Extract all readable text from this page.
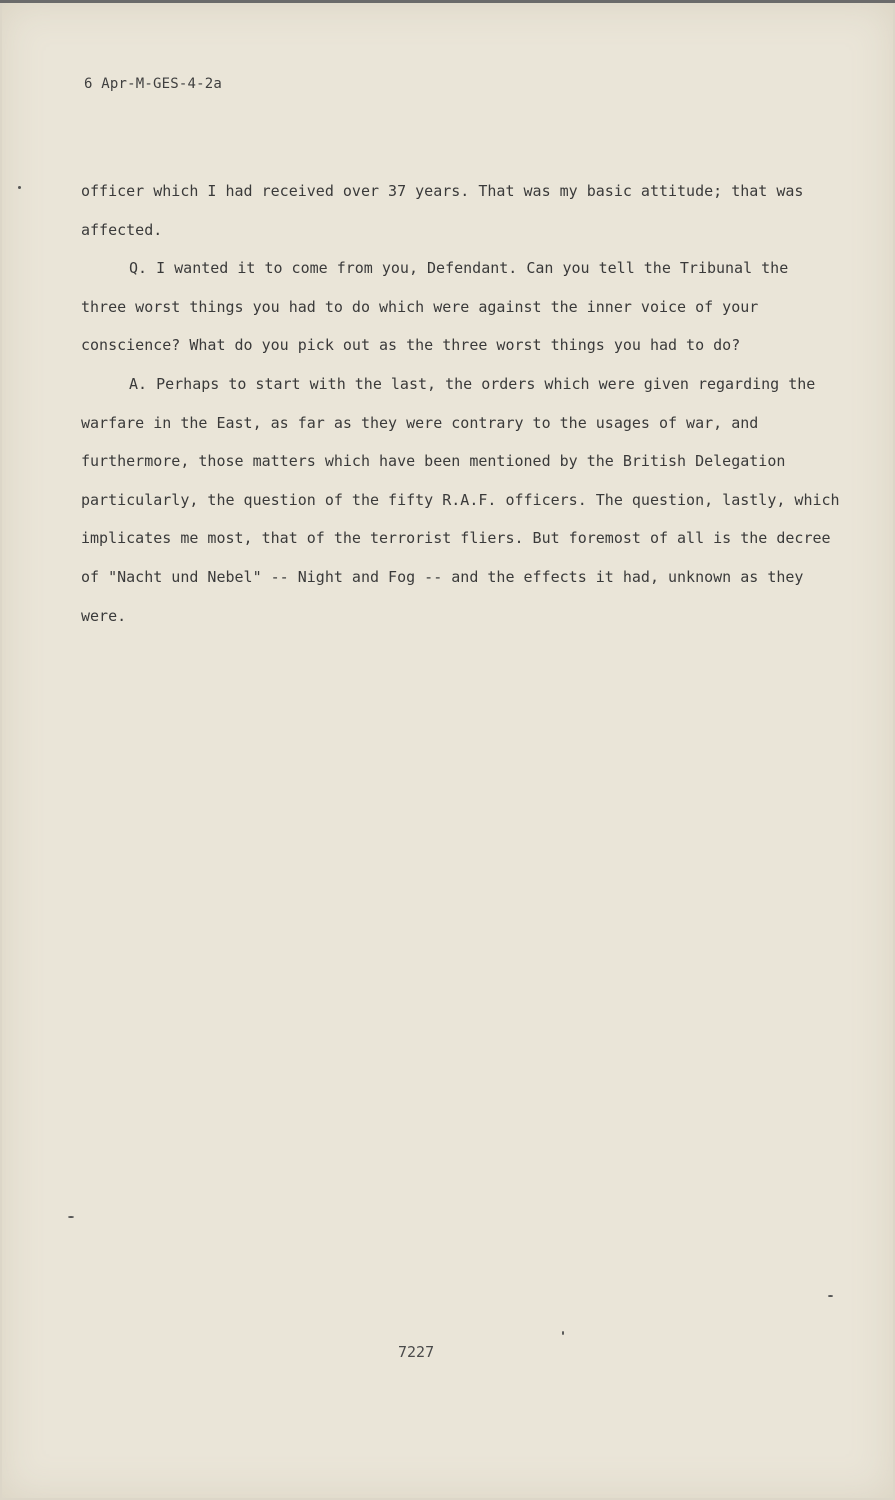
6 Apr-M-GES-4-2a

officer which I had received over 37 years. That was my basic attitude; that was affected.

Q. I wanted it to come from you, Defendant. Can you tell the Tribunal the three worst things you had to do which were against the inner voice of your conscience? What do you pick out as the three worst things you had to do?

A. Perhaps to start with the last, the orders which were given regarding the warfare in the East, as far as they were contrary to the usages of war, and furthermore, those matters which have been mentioned by the British Delegation particularly, the question of the fifty R.A.F. officers. The question, lastly, which implicates me most, that of the terrorist fliers. But foremost of all is the decree of "Nacht und Nebel" -- Night and Fog -- and the effects it had, unknown as they were.

7227
